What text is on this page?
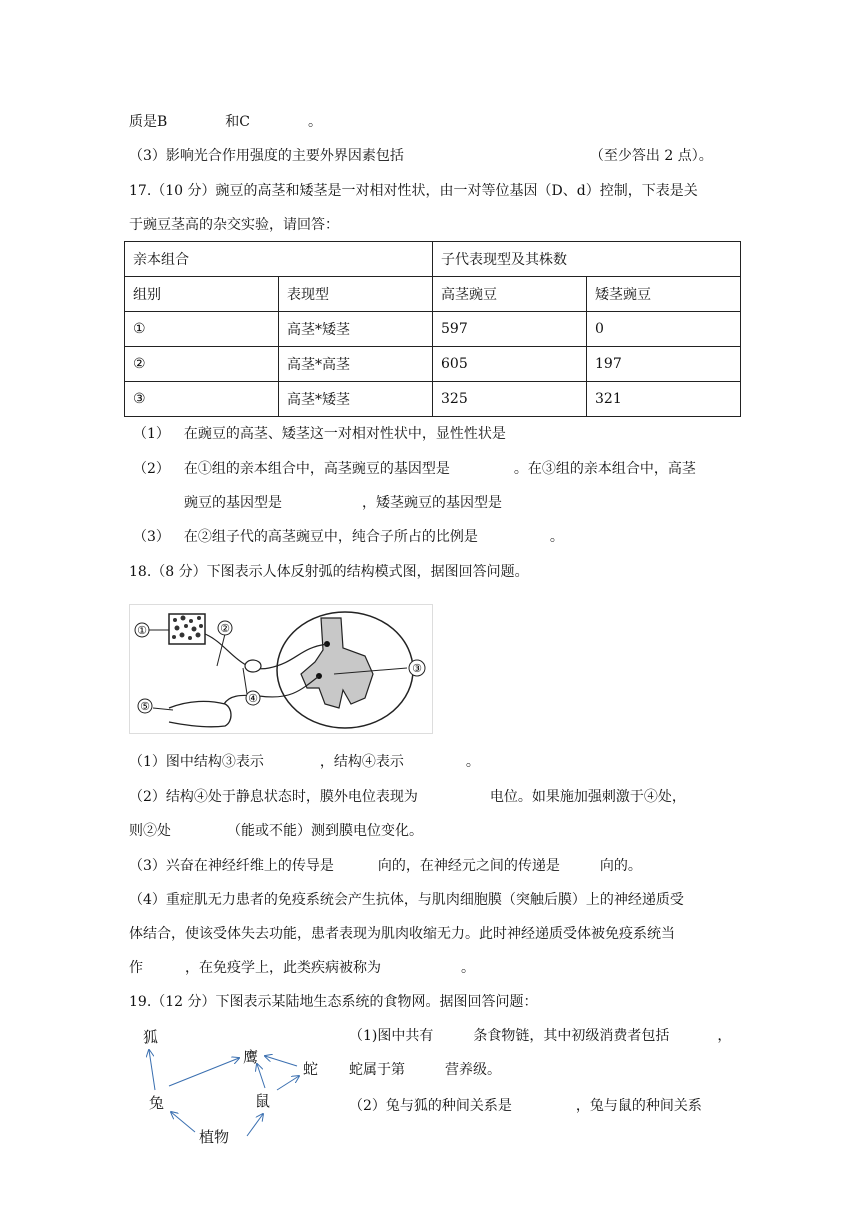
质是B	和C	。
（3）影响光合作用强度的主要外界因素包括	（至少答出 2 点）。
17.（10 分）豌豆的高茎和矮茎是一对相对性状，由一对等位基因（D、d）控制，下表是关
于豌豆茎高的杂交实验，请回答：
亲本组合		子代表现型及其株数	
组别	表现型	高茎豌豆	矮茎豌豆
①	高茎*矮茎	597	0
②	高茎*高茎	605	197
③	高茎*矮茎	325	321
（1） 在豌豆的高茎、矮茎这一对相对性状中，显性性状是
（2） 在①组的亲本组合中，高茎豌豆的基因型是	。在③组的亲本组合中，高茎
豌豆的基因型是	，矮茎豌豆的基因型是
（3） 在②组子代的高茎豌豆中，纯合子所占的比例是	。
18.（8 分）下图表示人体反射弧的结构模式图，据图回答问题。
①	②
③
④
⑤
（1）图中结构③表示	，结构④表示	。
（2）结构④处于静息状态时，膜外电位表现为	电位。如果施加强刺激于④处，
则②处	（能或不能）测到膜电位变化。
（3）兴奋在神经纤维上的传导是	向的，在神经元之间的传递是	向的。
（4）重症肌无力患者的免疫系统会产生抗体，与肌肉细胞膜（突触后膜）上的神经递质受
体结合，使该受体失去功能，患者表现为肌肉收缩无力。此时神经递质受体被免疫系统当
作	，在免疫学上，此类疾病被称为	。
19.（12 分）下图表示某陆地生态系统的食物网。据图回答问题：
狐
鹰
蛇
兔	鼠
植物
（1)图中共有	条食物链，其中初级消费者包括	，
蛇属于第	营养级。
（2）兔与狐的种间关系是	，兔与鼠的种间关系
